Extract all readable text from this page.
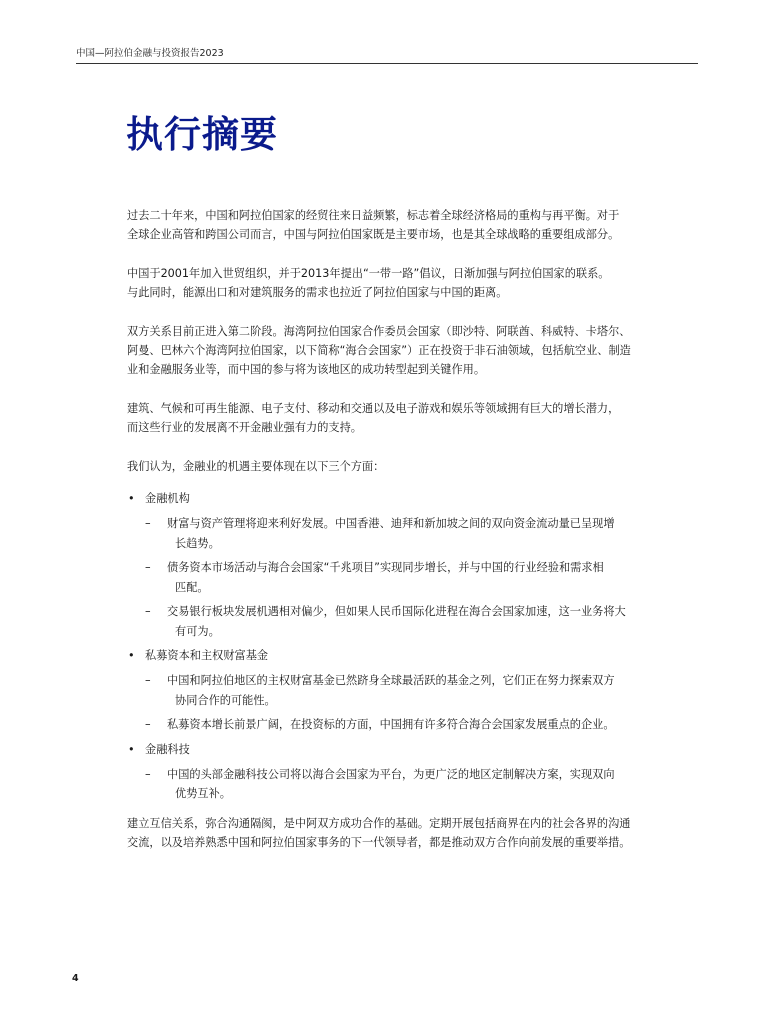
中国—阿拉伯金融与投资报告2023
执行摘要

过去二十年来，中国和阿拉伯国家的经贸往来日益频繁，标志着全球经济格局的重构与再平衡。对于
全球企业高管和跨国公司而言，中国与阿拉伯国家既是主要市场，也是其全球战略的重要组成部分。

中国于2001年加入世贸组织，并于2013年提出“一带一路”倡议，日渐加强与阿拉伯国家的联系。
与此同时，能源出口和对建筑服务的需求也拉近了阿拉伯国家与中国的距离。

双方关系目前正进入第二阶段。海湾阿拉伯国家合作委员会国家（即沙特、阿联酋、科威特、卡塔尔、
阿曼、巴林六个海湾阿拉伯国家，以下简称“海合会国家”）正在投资于非石油领域，包括航空业、制造
业和金融服务业等，而中国的参与将为该地区的成功转型起到关键作用。

建筑、气候和可再生能源、电子支付、移动和交通以及电子游戏和娱乐等领域拥有巨大的增长潜力，
而这些行业的发展离不开金融业强有力的支持。

我们认为，金融业的机遇主要体现在以下三个方面：

• 金融机构
– 财富与资产管理将迎来利好发展。中国香港、迪拜和新加坡之间的双向资金流动量已呈现增
长趋势。
– 债务资本市场活动与海合会国家“千兆项目”实现同步增长，并与中国的行业经验和需求相
匹配。
– 交易银行板块发展机遇相对偏少，但如果人民币国际化进程在海合会国家加速，这一业务将大
有可为。
• 私募资本和主权财富基金
– 中国和阿拉伯地区的主权财富基金已然跻身全球最活跃的基金之列，它们正在努力探索双方
协同合作的可能性。
– 私募资本增长前景广阔，在投资标的方面，中国拥有许多符合海合会国家发展重点的企业。
• 金融科技
– 中国的头部金融科技公司将以海合会国家为平台，为更广泛的地区定制解决方案，实现双向
优势互补。

建立互信关系，弥合沟通隔阂，是中阿双方成功合作的基础。定期开展包括商界在内的社会各界的沟通
交流，以及培养熟悉中国和阿拉伯国家事务的下一代领导者，都是推动双方合作向前发展的重要举措。

4
